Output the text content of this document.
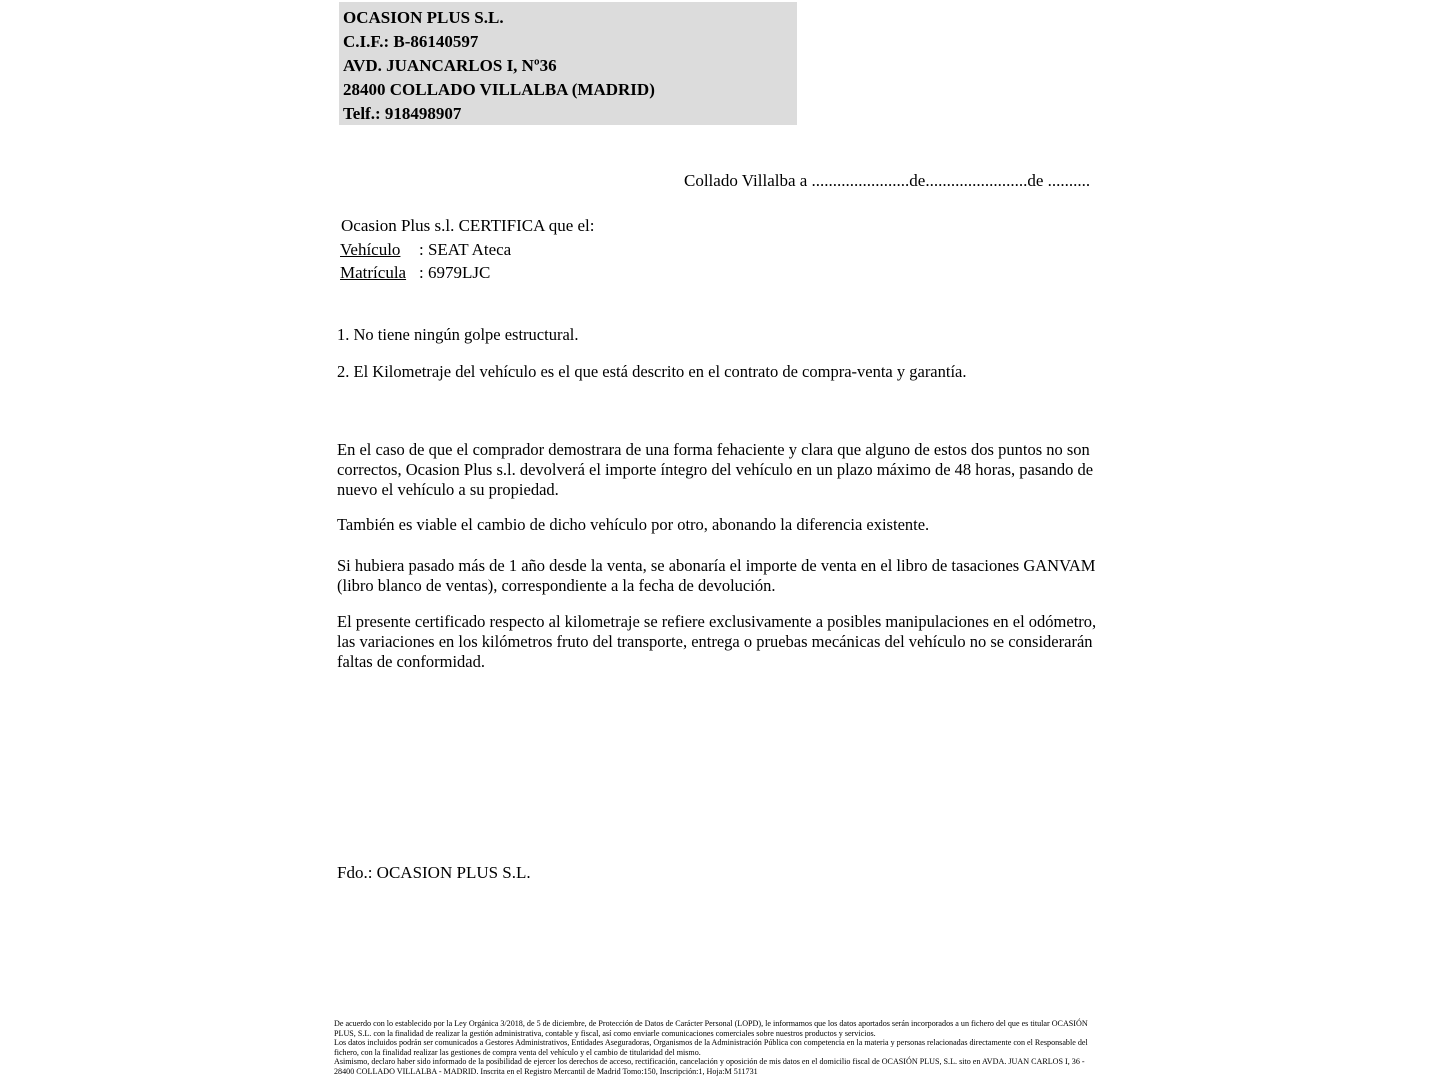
OCASION PLUS S.L.
C.I.F.: B-86140597
AVD. JUANCARLOS I, Nº36
28400 COLLADO VILLALBA (MADRID)
Telf.: 918498907
Collado Villalba a .......................de........................de ..........
Ocasion Plus s.l. CERTIFICA que el:
Vehículo : SEAT Ateca
Matrícula : 6979LJC
1. No tiene ningún golpe estructural.
2. El Kilometraje del vehículo es el que está descrito en el contrato de compra-venta y garantía.
En el caso de que el comprador demostrara de una forma fehaciente y clara que alguno de estos dos puntos no son correctos, Ocasion Plus s.l. devolverá el importe íntegro del vehículo en un plazo máximo de 48 horas, pasando de nuevo el vehículo a su propiedad.
También es viable el cambio de dicho vehículo por otro, abonando la diferencia existente.
Si hubiera pasado más de 1 año desde la venta, se abonaría el importe de venta en el libro de tasaciones GANVAM (libro blanco de ventas), correspondiente a la fecha de devolución.
El presente certificado respecto al kilometraje se refiere exclusivamente a posibles manipulaciones en el odómetro, las variaciones en los kilómetros fruto del transporte, entrega o pruebas mecánicas del vehículo no se considerarán faltas de conformidad.
Fdo.: OCASION PLUS S.L.

De acuerdo con lo establecido por la Ley Orgánica 3/2018, de 5 de diciembre, de Protección de Datos de Carácter Personal (LOPD), le informamos que los datos aportados serán incorporados a un fichero del que es titular OCASIÓN PLUS, S.L. con la finalidad de realizar la gestión administrativa, contable y fiscal, así como enviarle comunicaciones comerciales sobre nuestros productos y servicios.

Los datos incluidos podrán ser comunicados a Gestores Administrativos, Entidades Aseguradoras, Organismos de la Administración Pública con competencia en la materia y personas relacionadas directamente con el Responsable del fichero, con la finalidad realizar las gestiones de compra venta del vehículo y el cambio de titularidad del mismo.

Asimismo, declaro haber sido informado de la posibilidad de ejercer los derechos de acceso, rectificación, cancelación y oposición de mis datos en el domicilio fiscal de OCASIÓN PLUS, S.L. sito en AVDA. JUAN CARLOS I, 36 - 28400 COLLADO VILLALBA - MADRID. Inscrita en el Registro Mercantil de Madrid Tomo:150, Inscripción:1, Hoja:M 511731
